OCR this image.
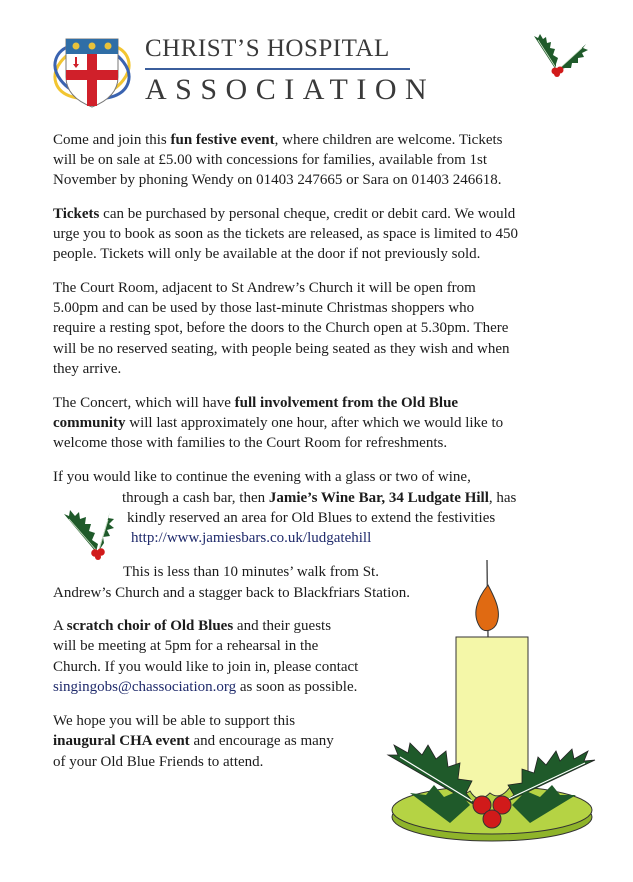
CHRIST’S HOSPITAL
ASSOCIATION
Come and join this fun festive event, where children are welcome. Tickets
will be on sale at £5.00 with concessions for families, available from 1st
November by phoning Wendy on 01403 247665 or Sara on 01403 246618.
Tickets can be purchased by personal cheque, credit or debit card. We would
urge you to book as soon as the tickets are released, as space is limited to 450
people. Tickets will only be available at the door if not previously sold.
The Court Room, adjacent to St Andrew’s Church it will be open from
5.00pm and can be used by those last-minute Christmas shoppers who
require a resting spot, before the doors to the Church open at 5.30pm. There
will be no reserved seating, with people being seated as they wish and when
they arrive.
The Concert, which will have full involvement from the Old Blue
community will last approximately one hour, after which we would like to
welcome those with families to the Court Room for refreshments.
If you would like to continue the evening with a glass or two of wine,
through a cash bar, then Jamie’s Wine Bar, 34 Ludgate Hill, has
kindly reserved an area for Old Blues to extend the festivities
http://www.jamiesbars.co.uk/ludgatehill
This is less than 10 minutes’ walk from St.
Andrew’s Church and a stagger back to Blackfriars Station.
A scratch choir of Old Blues and their guests
will be meeting at 5pm for a rehearsal in the
Church. If you would like to join in, please contact
singingobs@chassociation.org as soon as possible.
We hope you will be able to support this
inaugural CHA event and encourage as many
of your Old Blue Friends to attend.
